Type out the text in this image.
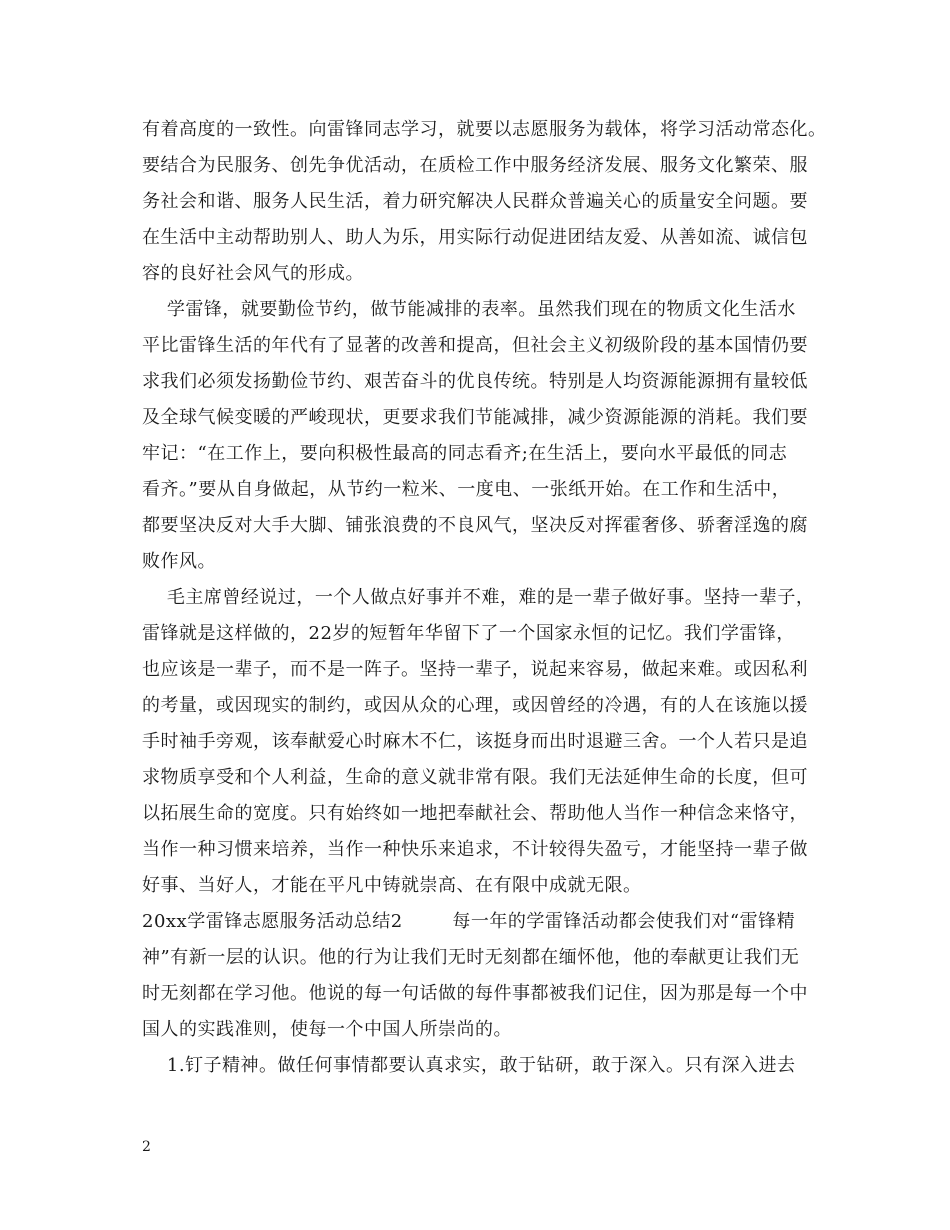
有着高度的一致性。向雷锋同志学习，就要以志愿服务为载体，将学习活动常态化。
要结合为民服务、创先争优活动，在质检工作中服务经济发展、服务文化繁荣、服
务社会和谐、服务人民生活，着力研究解决人民群众普遍关心的质量安全问题。要
在生活中主动帮助别人、助人为乐，用实际行动促进团结友爱、从善如流、诚信包
容的良好社会风气的形成。
学雷锋，就要勤俭节约，做节能减排的表率。虽然我们现在的物质文化生活水
平比雷锋生活的年代有了显著的改善和提高，但社会主义初级阶段的基本国情仍要
求我们必须发扬勤俭节约、艰苦奋斗的优良传统。特别是人均资源能源拥有量较低
及全球气候变暖的严峻现状，更要求我们节能减排，减少资源能源的消耗。我们要
牢记：“在工作上，要向积极性最高的同志看齐;在生活上，要向水平最低的同志
看齐。”要从自身做起，从节约一粒米、一度电、一张纸开始。在工作和生活中，
都要坚决反对大手大脚、铺张浪费的不良风气，坚决反对挥霍奢侈、骄奢淫逸的腐
败作风。
毛主席曾经说过，一个人做点好事并不难，难的是一辈子做好事。坚持一辈子，
雷锋就是这样做的，22岁的短暂年华留下了一个国家永恒的记忆。我们学雷锋，
也应该是一辈子，而不是一阵子。坚持一辈子，说起来容易，做起来难。或因私利
的考量，或因现实的制约，或因从众的心理，或因曾经的冷遇，有的人在该施以援
手时袖手旁观，该奉献爱心时麻木不仁，该挺身而出时退避三舍。一个人若只是追
求物质享受和个人利益，生命的意义就非常有限。我们无法延伸生命的长度，但可
以拓展生命的宽度。只有始终如一地把奉献社会、帮助他人当作一种信念来恪守，
当作一种习惯来培养，当作一种快乐来追求，不计较得失盈亏，才能坚持一辈子做
好事、当好人，才能在平凡中铸就崇高、在有限中成就无限。
20xx学雷锋志愿服务活动总结2        每一年的学雷锋活动都会使我们对“雷锋精
神”有新一层的认识。他的行为让我们无时无刻都在缅怀他，他的奉献更让我们无
时无刻都在学习他。他说的每一句话做的每件事都被我们记住，因为那是每一个中
国人的实践准则，使每一个中国人所崇尚的。
1.钉子精神。做任何事情都要认真求实，敢于钻研，敢于深入。只有深入进去
2
